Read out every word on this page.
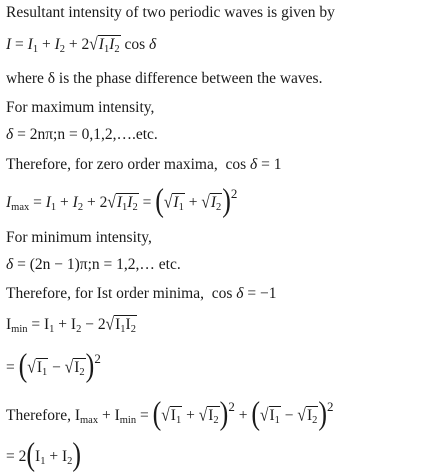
Resultant intensity of two periodic waves is given by
$I = I_1 + I_2 + 2√I_1I_2$ cos δ
where δ is the phase difference between the waves.
For maximum intensity,
δ = 2nπ;n = 0,1,2,….etc.
Therefore, for zero order maxima,  cos δ = 1
$I_{max} = I_1 + I_2 + 2√I_1I_2 = (√I_1 + √I_2)^2$
For minimum intensity,
δ = (2n − 1)π;n = 1,2,… etc.
Therefore, for Ist order minima,  cos δ = −1
$I_{min} = I_1 + I_2 - 2√I_1I_2$
= $(√I_1 - √I_2)^2$
Therefore, $I_{max} + I_{min} = (√I_1 + √I_2)^2 + (√I_1 - √I_2)^2$
= $2(I_1 + I_2)$
